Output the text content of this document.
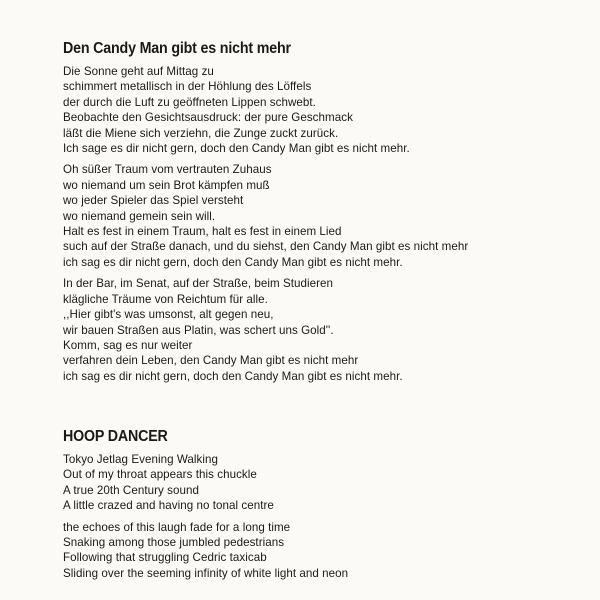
Den Candy Man gibt es nicht mehr
Die Sonne geht auf Mittag zu
schimmert metallisch in der Höhlung des Löffels
der durch die Luft zu geöffneten Lippen schwebt.
Beobachte den Gesichtsausdruck: der pure Geschmack
läßt die Miene sich verziehn, die Zunge zuckt zurück.
Ich sage es dir nicht gern, doch den Candy Man gibt es nicht mehr.
Oh süßer Traum vom vertrauten Zuhaus
wo niemand um sein Brot kämpfen muß
wo jeder Spieler das Spiel versteht
wo niemand gemein sein will.
Halt es fest in einem Traum, halt es fest in einem Lied
such auf der Straße danach, und du siehst, den Candy Man gibt es nicht mehr
ich sag es dir nicht gern, doch den Candy Man gibt es nicht mehr.
In der Bar, im Senat, auf der Straße, beim Studieren
klägliche Träume von Reichtum für alle.
,,Hier gibt's was umsonst, alt gegen neu,
wir bauen Straßen aus Platin, was schert uns Gold''.
Komm, sag es nur weiter
verfahren dein Leben, den Candy Man gibt es nicht mehr
ich sag es dir nicht gern, doch den Candy Man gibt es nicht mehr.
HOOP DANCER
Tokyo Jetlag Evening Walking
Out of my throat appears this chuckle
A true 20th Century sound
A little crazed and having no tonal centre
the echoes of this laugh fade for a long time
Snaking among those jumbled pedestrians
Following that struggling Cedric taxicab
Sliding over the seeming infinity of white light and neon
